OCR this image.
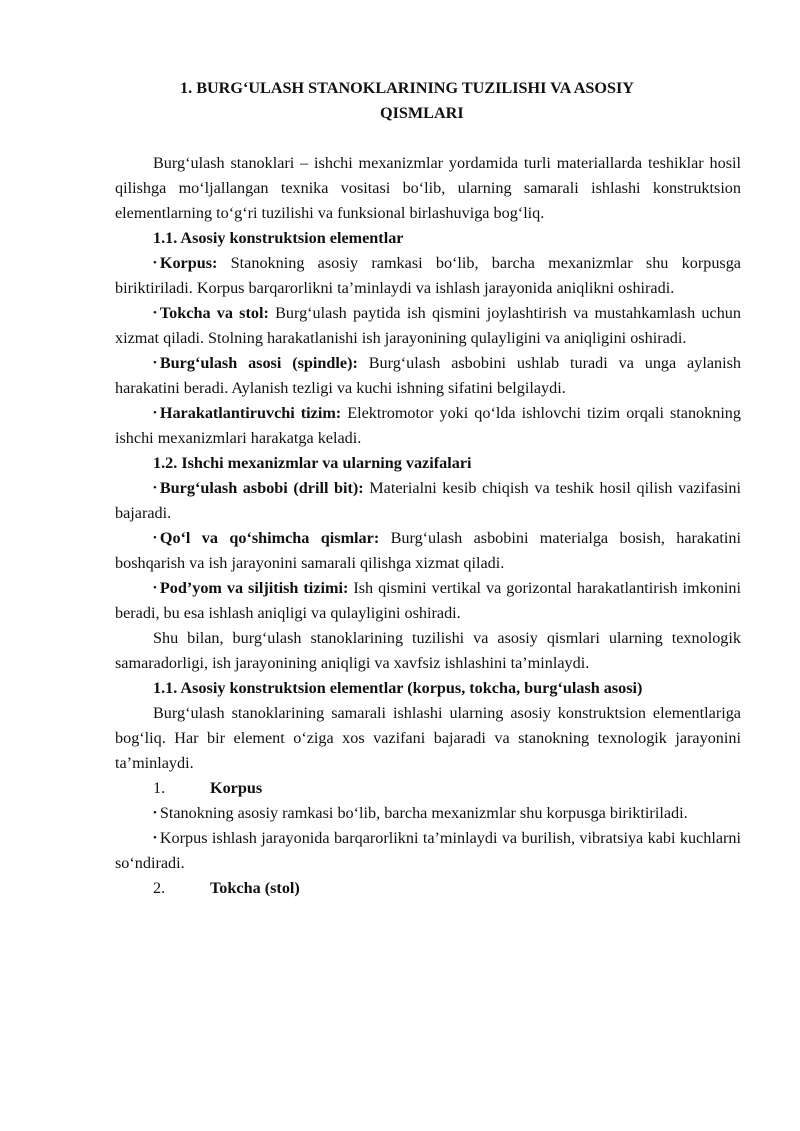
1. BURG‘ULASH STANOKLARINING TUZILISHI VA ASOSIY
QISMLARI

Burg‘ulash stanoklari – ishchi mexanizmlar yordamida turli materiallarda teshiklar hosil qilishga mo‘ljallangan texnika vositasi bo‘lib, ularning samarali ishlashi konstruktsion elementlarning to‘g‘ri tuzilishi va funksional birlashuviga bog‘liq.

1.1. Asosiy konstruktsion elementlar

• Korpus: Stanokning asosiy ramkasi bo‘lib, barcha mexanizmlar shu korpusga biriktiriladi. Korpus barqarorlikni ta’minlaydi va ishlash jarayonida aniqlikni oshiradi.

• Tokcha va stol: Burg‘ulash paytida ish qismini joylashtirish va mustahkamlash uchun xizmat qiladi. Stolning harakatlanishi ish jarayonining qulayligini va aniqligini oshiradi.

• Burg‘ulash asosi (spindle): Burg‘ulash asbobini ushlab turadi va unga aylanish harakatini beradi. Aylanish tezligi va kuchi ishning sifatini belgilaydi.

• Harakatlantiruvchi tizim: Elektromotor yoki qo‘lda ishlovchi tizim orqali stanokning ishchi mexanizmlari harakatga keladi.

1.2. Ishchi mexanizmlar va ularning vazifalari

• Burg‘ulash asbobi (drill bit): Materialni kesib chiqish va teshik hosil qilish vazifasini bajaradi.

• Qo‘l va qo‘shimcha qismlar: Burg‘ulash asbobini materialga bosish, harakatini boshqarish va ish jarayonini samarali qilishga xizmat qiladi.

• Pod’yom va siljitish tizimi: Ish qismini vertikal va gorizontal harakatlantirish imkonini beradi, bu esa ishlash aniqligi va qulayligini oshiradi.

Shu bilan, burg‘ulash stanoklarining tuzilishi va asosiy qismlari ularning texnologik samaradorligi, ish jarayonining aniqligi va xavfsiz ishlashini ta’minlaydi.

1.1. Asosiy konstruktsion elementlar (korpus, tokcha, burg‘ulash asosi)

Burg‘ulash stanoklarining samarali ishlashi ularning asosiy konstruktsion elementlariga bog‘liq. Har bir element o‘ziga xos vazifani bajaradi va stanokning texnologik jarayonini ta’minlaydi.

1.	Korpus

• Stanokning asosiy ramkasi bo‘lib, barcha mexanizmlar shu korpusga biriktiriladi.

• Korpus ishlash jarayonida barqarorlikni ta’minlaydi va burilish, vibratsiya kabi kuchlarni so‘ndiradi.

2.	Tokcha (stol)
